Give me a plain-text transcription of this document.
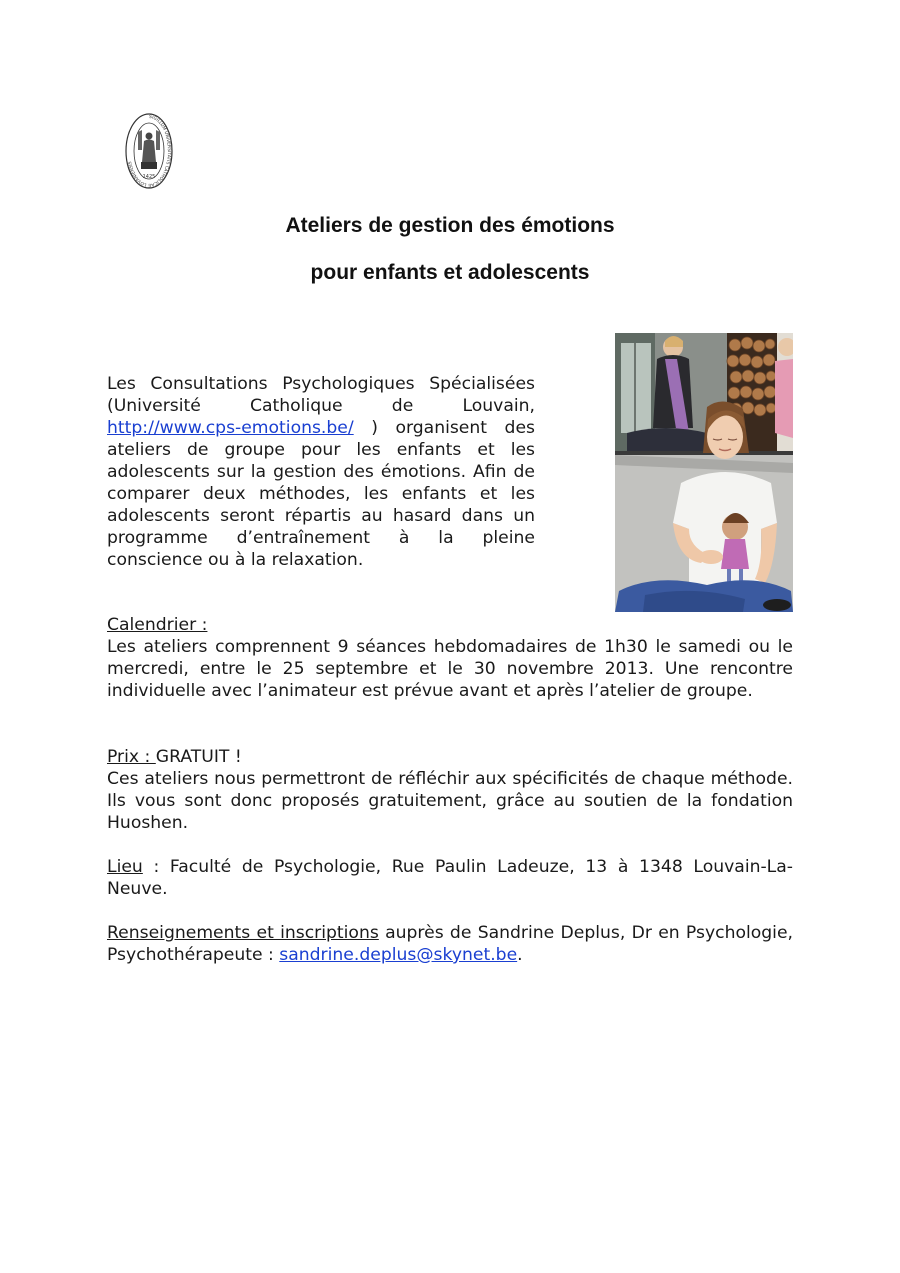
SIGILLUM UNIVERSITATIS CATHOLICAE LOVANIENSIS
1425
Ateliers de gestion des émotions
pour enfants et adolescents

Les Consultations Psychologiques Spécialisées (Université Catholique de Louvain, http://www.cps-emotions.be/ ) organisent des ateliers de groupe pour les enfants et les adolescents sur la gestion des émotions. Afin de comparer deux méthodes, les enfants et les adolescents seront répartis au hasard dans un programme d’entraînement à la pleine conscience ou à la relaxation.

Calendrier :
Les ateliers comprennent 9 séances hebdomadaires de 1h30 le samedi ou le mercredi, entre le 25 septembre et le 30 novembre 2013. Une rencontre individuelle avec l’animateur est prévue avant et après l’atelier de groupe.

Prix : GRATUIT !
Ces ateliers nous permettront de réfléchir aux spécificités de chaque méthode. Ils vous sont donc proposés gratuitement, grâce au soutien de la fondation Huoshen.

Lieu : Faculté de Psychologie, Rue Paulin Ladeuze, 13 à 1348 Louvain-La-Neuve.

Renseignements et inscriptions auprès de Sandrine Deplus, Dr en Psychologie, Psychothérapeute : sandrine.deplus@skynet.be.
